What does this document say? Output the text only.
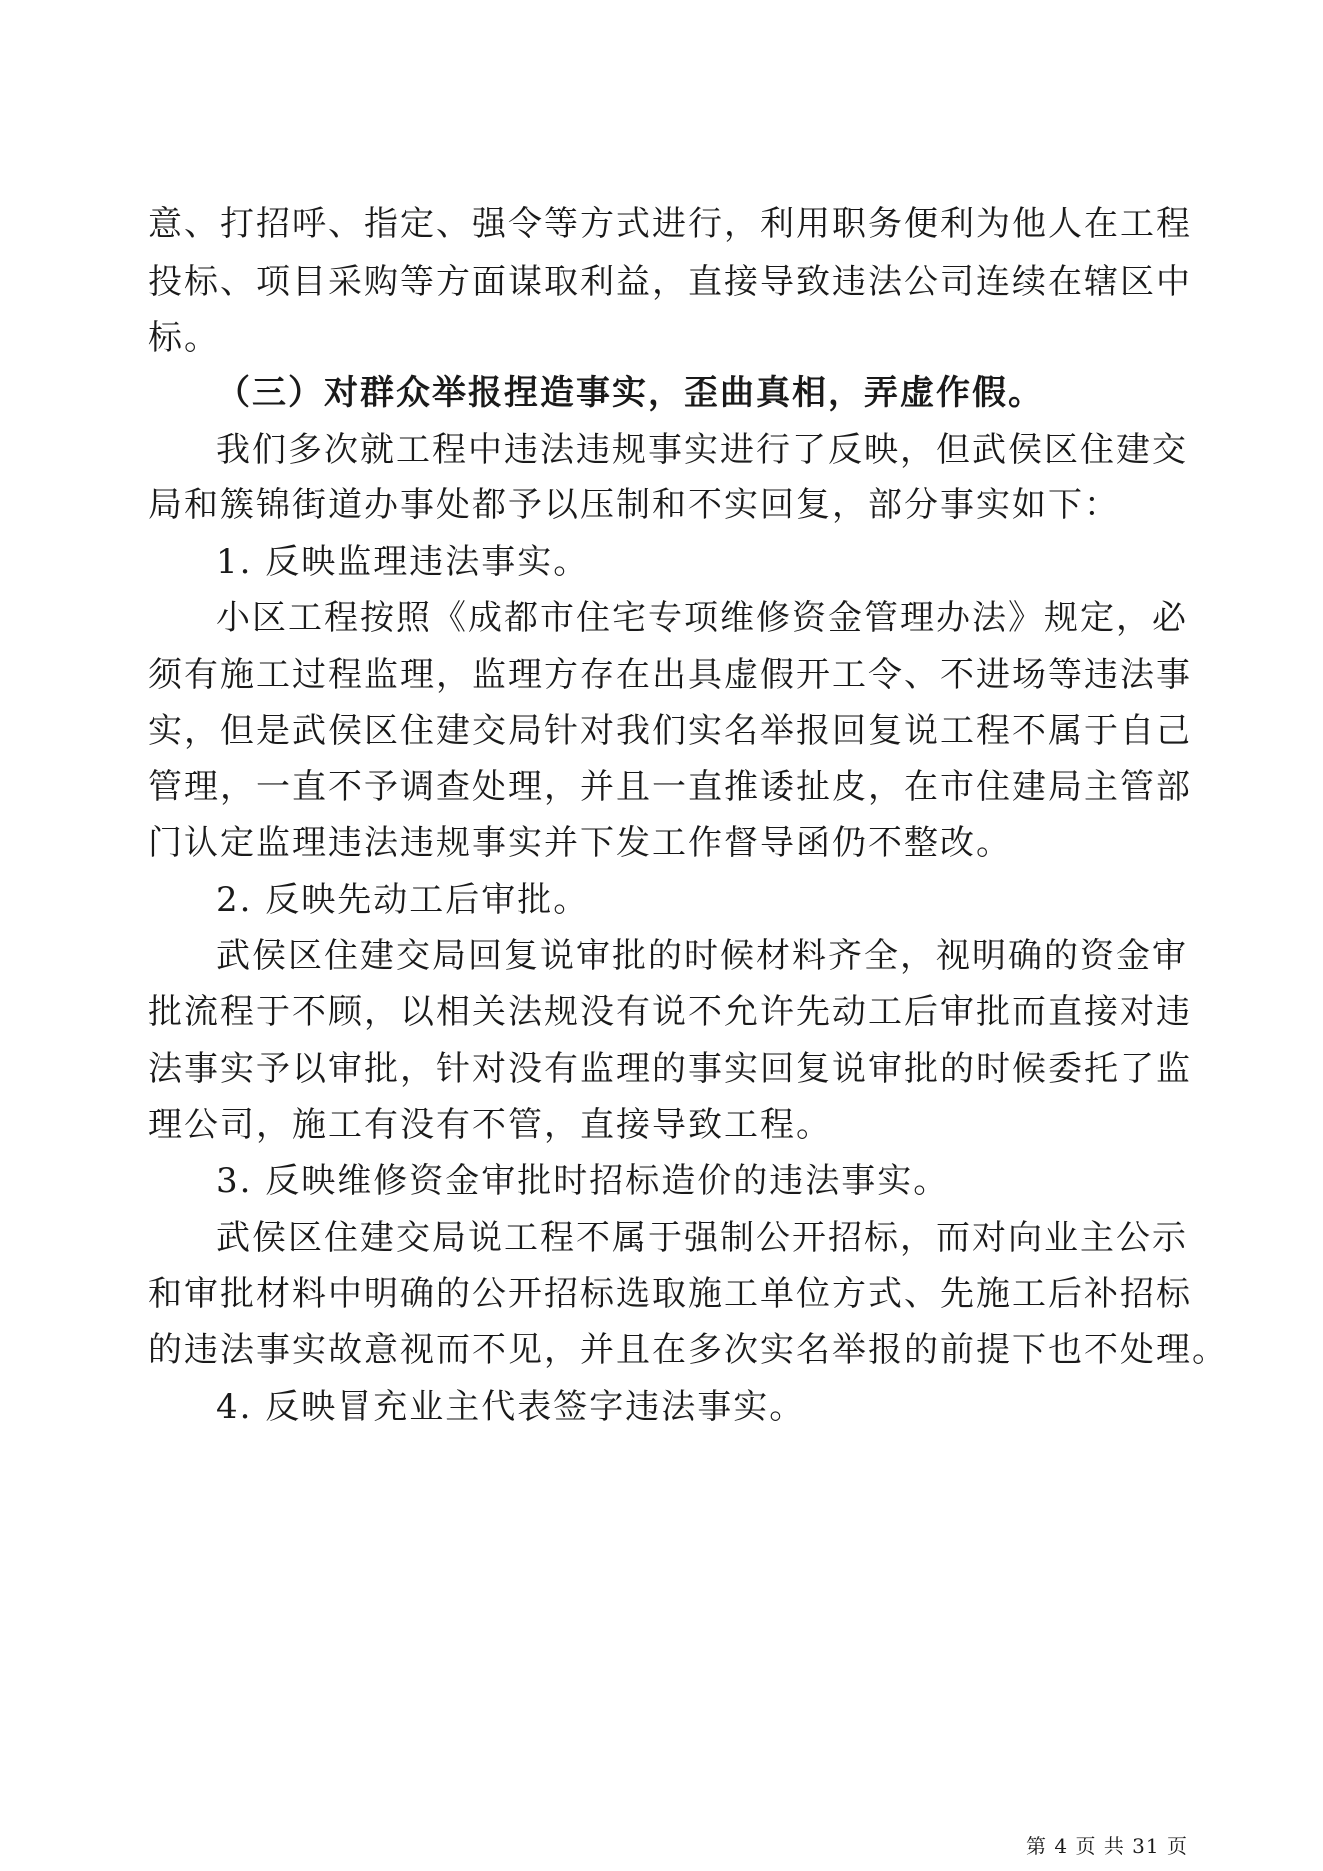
意、打招呼、指定、强令等方式进行，利用职务便利为他人在工程
投标、项目采购等方面谋取利益，直接导致违法公司连续在辖区中
标。
（三）对群众举报捏造事实，歪曲真相，弄虚作假。
我们多次就工程中违法违规事实进行了反映，但武侯区住建交
局和簇锦街道办事处都予以压制和不实回复，部分事实如下：
1. 反映监理违法事实。
小区工程按照《成都市住宅专项维修资金管理办法》规定，必
须有施工过程监理，监理方存在出具虚假开工令、不进场等违法事
实，但是武侯区住建交局针对我们实名举报回复说工程不属于自己
管理，一直不予调查处理，并且一直推诿扯皮，在市住建局主管部
门认定监理违法违规事实并下发工作督导函仍不整改。
2. 反映先动工后审批。
武侯区住建交局回复说审批的时候材料齐全，视明确的资金审
批流程于不顾，以相关法规没有说不允许先动工后审批而直接对违
法事实予以审批，针对没有监理的事实回复说审批的时候委托了监
理公司，施工有没有不管，直接导致工程。
3. 反映维修资金审批时招标造价的违法事实。
武侯区住建交局说工程不属于强制公开招标，而对向业主公示
和审批材料中明确的公开招标选取施工单位方式、先施工后补招标
的违法事实故意视而不见，并且在多次实名举报的前提下也不处理。
4. 反映冒充业主代表签字违法事实。
第 4 页 共 31 页
